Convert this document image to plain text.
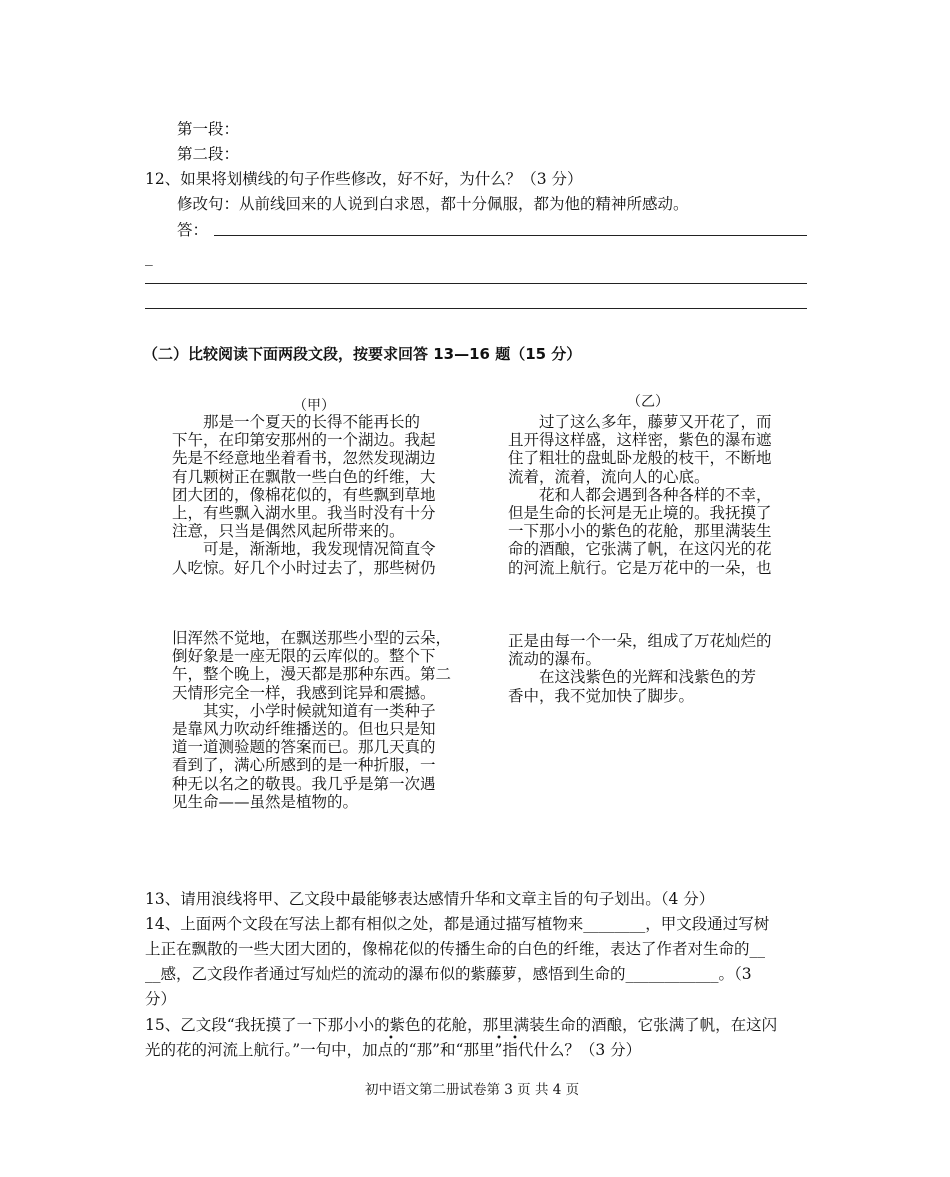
第一段：
第二段：
12、如果将划横线的句子作些修改，好不好，为什么？（3 分）
修改句：从前线回来的人说到白求恩，都十分佩服，都为他的精神所感动。
答：
_
（二）比较阅读下面两段文段，按要求回答 13—16 题（15 分）
（甲）
　　那是一个夏天的长得不能再长的
下午，在印第安那州的一个湖边。我起
先是不经意地坐着看书，忽然发现湖边
有几颗树正在飘散一些白色的纤维，大
团大团的，像棉花似的，有些飘到草地
上，有些飘入湖水里。我当时没有十分
注意，只当是偶然风起所带来的。
　　可是，渐渐地，我发现情况简直令
人吃惊。好几个小时过去了，那些树仍
旧浑然不觉地，在飘送那些小型的云朵，
倒好象是一座无限的云库似的。整个下
午，整个晚上，漫天都是那种东西。第二
天情形完全一样，我感到诧异和震撼。
　　其实，小学时候就知道有一类种子
是靠风力吹动纤维播送的。但也只是知
道一道测验题的答案而已。那几天真的
看到了，满心所感到的是一种折服，一
种无以名之的敬畏。我几乎是第一次遇
见生命——虽然是植物的。
（乙）
　　过了这么多年，藤萝又开花了，而
且开得这样盛，这样密，紫色的瀑布遮
住了粗壮的盘虬卧龙般的枝干，不断地
流着，流着，流向人的心底。
　　花和人都会遇到各种各样的不幸，
但是生命的长河是无止境的。我抚摸了
一下那小小的紫色的花舱，那里满装生
命的酒酿，它张满了帆，在这闪光的花
的河流上航行。它是万花中的一朵，也
正是由每一个一朵，组成了万花灿烂的
流动的瀑布。
　　在这浅紫色的光辉和浅紫色的芳
香中，我不觉加快了脚步。
13、请用浪线将甲、乙文段中最能够表达感情升华和文章主旨的句子划出。（4 分）
14、上面两个文段在写法上都有相似之处，都是通过描写植物来________，甲文段通过写树
上正在飘散的一些大团大团的，像棉花似的传播生命的白色的纤维，表达了作者对生命的__
__感，乙文段作者通过写灿烂的流动的瀑布似的紫藤萝，感悟到生命的____________。（3
分）
15、乙文段“我抚摸了一下那小小的紫色的花舱，那里满装生命的酒酿，它张满了帆，在这闪
光的花的河流上航行。”一句中，加点的“那”和“那里”指代什么？（3 分）
•	• •
初中语文第二册试卷第 3 页 共 4 页
